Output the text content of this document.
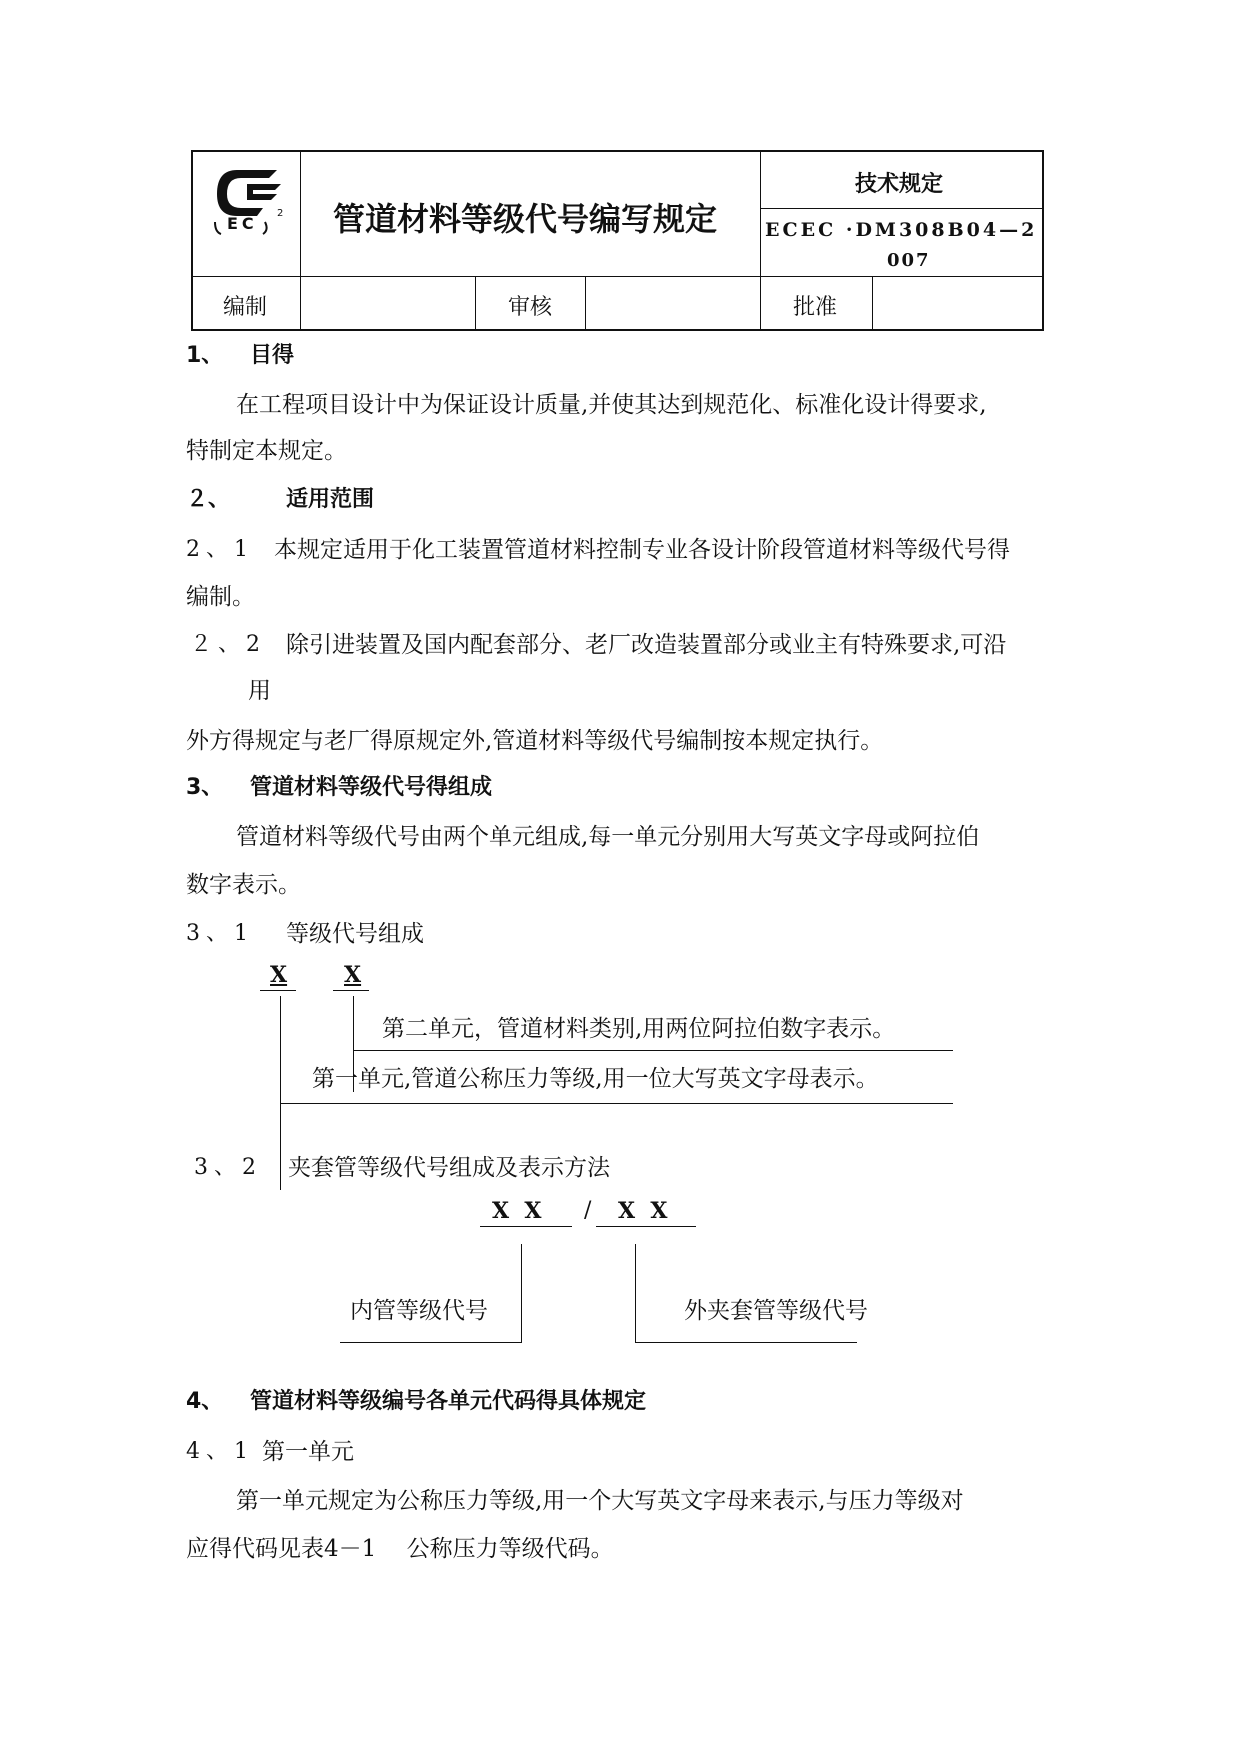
EC
2 管道材料等级代号编写规定
技术规定
ECEC ·DM308B04—2
007
编制	审核	批准
1、 目得
在工程项目设计中为保证设计质量,并使其达到规范化、标准化设计得要求,
特制定本规定。
２、	适用范围
2、1 本规定适用于化工装置管道材料控制专业各设计阶段管道材料等级代号得
编制。
２、2 除引进装置及国内配套部分、老厂改造装置部分或业主有特殊要求,可沿
用
外方得规定与老厂得原规定外,管道材料等级代号编制按本规定执行。
3、 管道材料等级代号得组成
管道材料等级代号由两个单元组成,每一单元分别用大写英文字母或阿拉伯
数字表示。
3、1 等级代号组成
X	X
第二单元，管道材料类别,用两位阿拉伯数字表示。
第一单元,管道公称压力等级,用一位大写英文字母表示。
3、2 夹套管等级代号组成及表示方法
X  X / X  X
内管等级代号	外夹套管等级代号
4、 管道材料等级编号各单元代码得具体规定
4、1 第一单元
第一单元规定为公称压力等级,用一个大写英文字母来表示,与压力等级对
应得代码见表4－1　 公称压力等级代码。
